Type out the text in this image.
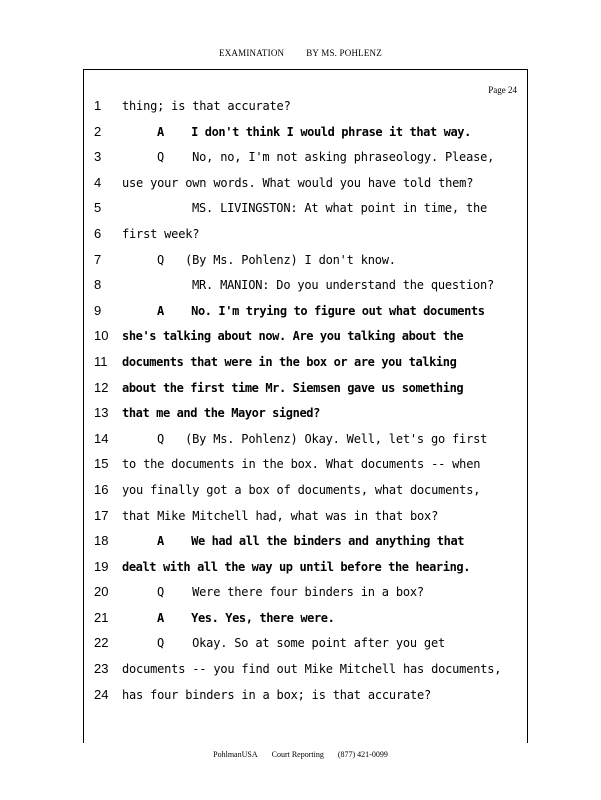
EXAMINATION BY MS. POHLENZ
Page 24
1 thing; is that accurate?
2	A    I don't think I would phrase it that way.
3	Q    No, no, I'm not asking phraseology. Please,
4 use your own words. What would you have told them?
5	MS. LIVINGSTON: At what point in time, the
6 first week?
7	Q   (By Ms. Pohlenz) I don't know.
8	MR. MANION: Do you understand the question?
9	A    No. I'm trying to figure out what documents
10 she's talking about now. Are you talking about the
11 documents that were in the box or are you talking
12 about the first time Mr. Siemsen gave us something
13 that me and the Mayor signed?
14	Q   (By Ms. Pohlenz) Okay. Well, let's go first
15 to the documents in the box. What documents -- when
16 you finally got a box of documents, what documents,
17 that Mike Mitchell had, what was in that box?
18	A    We had all the binders and anything that
19 dealt with all the way up until before the hearing.
20	Q    Were there four binders in a box?
21	A    Yes. Yes, there were.
22	Q    Okay. So at some point after you get
23 documents -- you find out Mike Mitchell has documents,
24 has four binders in a box; is that accurate?
PohlmanUSA Court Reporting (877) 421-0099
